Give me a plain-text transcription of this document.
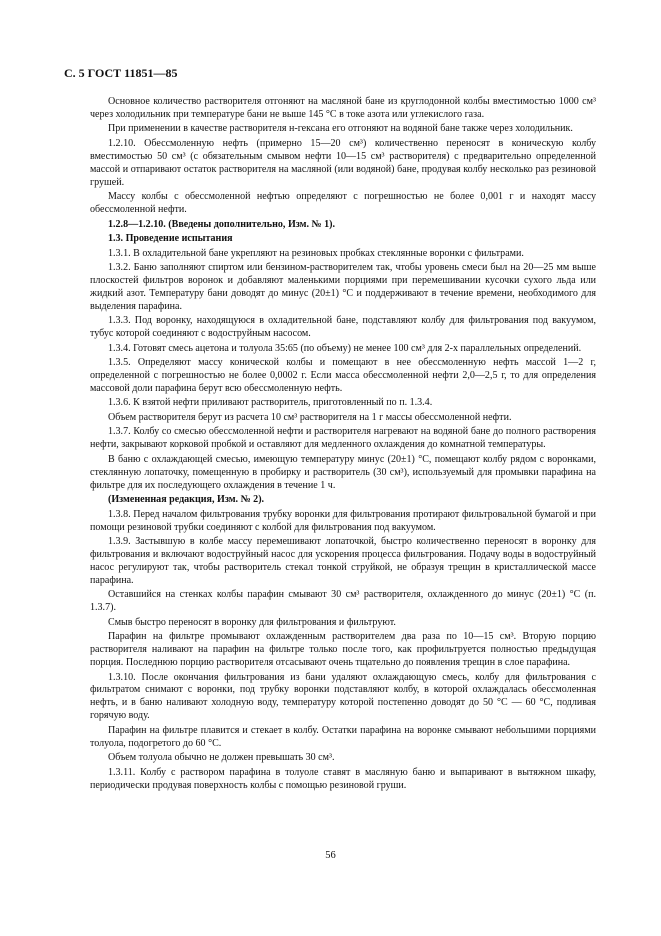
С. 5 ГОСТ 11851—85

Основное количество растворителя отгоняют на масляной бане из круглодонной колбы вместимостью 1000 см³ через холодильник при температуре бани не выше 145 °С в токе азота или углекислого газа.

При применении в качестве растворителя н-гексана его отгоняют на водяной бане также через холодильник.

1.2.10. Обессмоленную нефть (примерно 15—20 см³) количественно переносят в коническую колбу вместимостью 50 см³ (с обязательным смывом нефти 10—15 см³ растворителя) с предварительно определенной массой и отпаривают остаток растворителя на масляной (или водяной) бане, продувая колбу несколько раз резиновой грушей.

Массу колбы с обессмоленной нефтью определяют с погрешностью не более 0,001 г и находят массу обессмоленной нефти.

1.2.8—1.2.10. (Введены дополнительно, Изм. № 1).

1.3. Проведение испытания

1.3.1. В охладительной бане укрепляют на резиновых пробках стеклянные воронки с фильтрами.

1.3.2. Баню заполняют спиртом или бензином-растворителем так, чтобы уровень смеси был на 20—25 мм выше плоскостей фильтров воронок и добавляют маленькими порциями при перемешивании кусочки сухого льда или жидкий азот. Температуру бани доводят до минус (20±1) °С и поддерживают в течение времени, необходимого для выделения парафина.

1.3.3. Под воронку, находящуюся в охладительной бане, подставляют колбу для фильтрования под вакуумом, тубус которой соединяют с водоструйным насосом.

1.3.4. Готовят смесь ацетона и толуола 35:65 (по объему) не менее 100 см³ для 2-х параллельных определений.

1.3.5. Определяют массу конической колбы и помещают в нее обессмоленную нефть массой 1—2 г, определенной с погрешностью не более 0,0002 г. Если масса обессмоленной нефти 2,0—2,5 г, то для определения массовой доли парафина берут всю обессмоленную нефть.

1.3.6. К взятой нефти приливают растворитель, приготовленный по п. 1.3.4.

Объем растворителя берут из расчета 10 см³ растворителя на 1 г массы обессмоленной нефти.

1.3.7. Колбу со смесью обессмоленной нефти и растворителя нагревают на водяной бане до полного растворения нефти, закрывают корковой пробкой и оставляют для медленного охлаждения до комнатной температуры.

В баню с охлаждающей смесью, имеющую температуру минус (20±1) °С, помещают колбу рядом с воронками, стеклянную лопаточку, помещенную в пробирку и растворитель (30 см³), используемый для промывки парафина на фильтре для их последующего охлаждения в течение 1 ч.

(Измененная редакция, Изм. № 2).

1.3.8. Перед началом фильтрования трубку воронки для фильтрования протирают фильтровальной бумагой и при помощи резиновой трубки соединяют с колбой для фильтрования под вакуумом.

1.3.9. Застывшую в колбе массу перемешивают лопаточкой, быстро количественно переносят в воронку для фильтрования и включают водоструйный насос для ускорения процесса фильтрования. Подачу воды в водоструйный насос регулируют так, чтобы растворитель стекал тонкой струйкой, не образуя трещин в кристаллической массе парафина.

Оставшийся на стенках колбы парафин смывают 30 см³ растворителя, охлажденного до минус (20±1) °С (п. 1.3.7).

Смыв быстро переносят в воронку для фильтрования и фильтруют.

Парафин на фильтре промывают охлажденным растворителем два раза по 10—15 см³. Вторую порцию растворителя наливают на парафин на фильтре только после того, как профильтруется полностью предыдущая порция. Последнюю порцию растворителя отсасывают очень тщательно до появления трещин в слое парафина.

1.3.10. После окончания фильтрования из бани удаляют охлаждающую смесь, колбу для фильтрования с фильтратом снимают с воронки, под трубку воронки подставляют колбу, в которой охлаждалась обессмоленная нефть, и в баню наливают холодную воду, температуру которой постепенно доводят до 50 °С — 60 °С, подливая горячую воду.

Парафин на фильтре плавится и стекает в колбу. Остатки парафина на воронке смывают небольшими порциями толуола, подогретого до 60 °С.

Объем толуола обычно не должен превышать 30 см³.

1.3.11. Колбу с раствором парафина в толуоле ставят в масляную баню и выпаривают в вытяжном шкафу, периодически продувая поверхность колбы с помощью резиновой груши.

56
